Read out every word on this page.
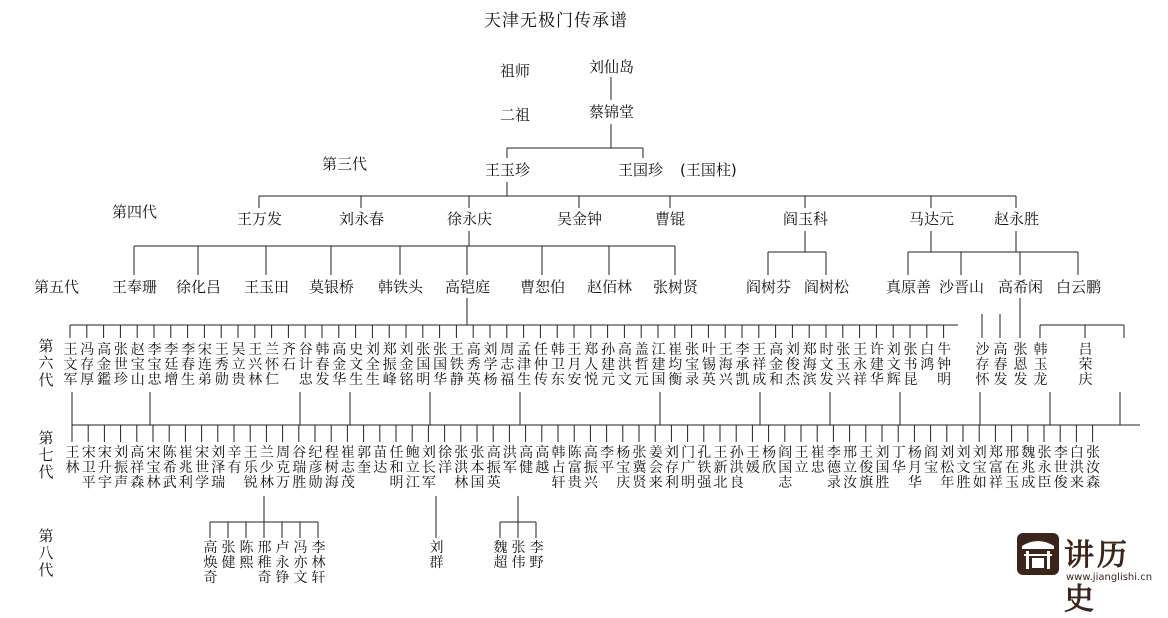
天津无极门传承谱
祖师
二祖
第三代
第四代
第五代
第六代
第七代
第八代
刘仙岛
蔡锦堂
王玉珍	王国珍 (王国柱)
王万发	刘永春	徐永庆	吴金钟	曹锟	阎玉科	马达元	赵永胜
王奉珊 徐化吕 王玉田 莫银桥 韩铁头 高铠庭 曹恕伯 赵佰林 张树贤	阎树芬 阎树松 真原善 沙晋山 高希闲 白云鹏
王文军
冯存厚
高金鑑
张世珍
赵宝山
李宝忠
李廷增
李春生
宋连弟
王秀勋
吴立贵
王兴林
兰怀仁
齐石
谷计忠
韩春发
高金华
史文生
刘全生
郑振峰
刘金铭
张国明
张国华
王铁静
高秀英
刘学杨
周志福
孟津生
任仲传
韩卫东
王月安
郑人悦
孙建元
高洪文
盖哲元
江建国
崔均衡
张宝录
叶锡英
王海兴
李承凯
王祥成
高金和
刘俊杰
郑海滨
时文发
张玉兴
王永祥
许建华
刘文辉
张书昆
白鸿
牛钟明
沙存怀
高春发
张恩发
韩玉龙
吕荣庆
王林
宋卫平
宋升宇
刘振声
高祥森
宋宝林
陈希武
崔兆利
宋世学
刘泽瑞
辛有
王乐锐
兰少林
周克万
谷瑞胜
纪彦勋
程树海
崔志茂
郭奎
苗达
任和明
鲍立江
刘长军
徐洋
张洪林
张本国
高振英
洪军
高健
高越
韩占轩
陈富贵
高振兴
李平
杨宝庆
张冀贤
姜会来
刘存利
门广明
孔铁强
王新北
孙洪良
王媛
杨欣
阎国志
王立
崔忠
李德录
邢立汝
王俊旗
刘国胜
丁华
杨月华
阎宝
刘松年
刘文胜
刘宝如
郑富祥
邢在玉
魏兆成
张永臣
李世俊
白洪来
张汝森
高焕奇
张健
陈熙
邢稚奇
卢永铮
冯亦文
李林轩
刘群
魏超
张伟
李野	讲历史
www.jianglishi.cn
